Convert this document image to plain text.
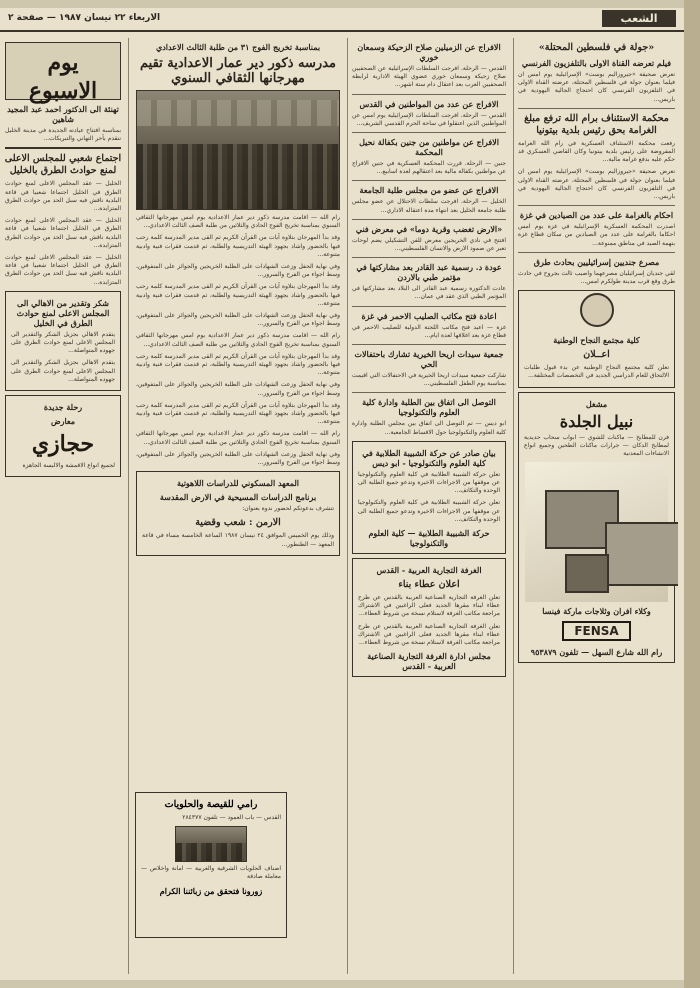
الاربعاء ٢٢ نيسان ١٩٨٧ — صفحة ٢	الشعب
«جولة في فلسطين المحتلة»
فيلم تعرضه القناة الاولى بالتلفزيون الفرنسي
تعرض صحيفة «جيروزاليم بوست» الإسرائيلية يوم امس ان فيلما بعنوان جولة في فلسطين المحتلة، عرضته القناة الاولى في التلفزيون الفرنسي كان احتجاج الجالية اليهودية في باريس...
محكمة الاستئناف برام الله ترفع مبلغ الغرامة بحق رئيس بلدية بيتونيا
رفعت محكمة الاستئناف العسكرية في رام الله الغرامة المفروضة على رئيس بلدية بيتونيا وكان القاضي العسكري قد حكم عليه بدفع غرامة مالية...
تعرض صحيفة «جيروزاليم بوست» الإسرائيلية يوم امس ان فيلما بعنوان جولة في فلسطين المحتلة، عرضته القناة الاولى في التلفزيون الفرنسي كان احتجاج الجالية اليهودية في باريس...
احكام بالغرامة على عدد من الصيادين في غزة
اصدرت المحكمة العسكرية الإسرائيلية في غزة يوم امس احكاما بالغرامة على عدد من الصيادين من سكان قطاع غزة بتهمة الصيد في مناطق ممنوعة...
مصرع جنديين إسرائيليين بحادث طرق
لقي جنديان إسرائيليان مصرعهما واصيب ثالث بجروح في حادث طرق وقع قرب مدينة طولكرم امس...
كلية مجتمع النجاح الوطنية
اعــلان
تعلن كلية مجتمع النجاح الوطنية عن بدء قبول طلبات الالتحاق للعام الدراسي الجديد في التخصصات المختلفة...
مشغل
نبيل الجلدة
فرن للمطابخ — ماكنات للشوي — ابواب سحاب حديدية لمطابخ الدكان — جرارات ماكنات الطحين وجميع انواع الانشاءات المعدنية
وكلاء افران وثلاجات ماركة فينسا
FENSA
رام الله شارع السهل — تلفون ٩٥٣٨٧٩
الافراج عن الزميلين صلاح الزحيكة وسمعان خوري
القدس — الرحلة. افرجت السلطات الإسرائيلية عن الصحفيين صلاح زحيكة وسمعان خوري عضوي الهيئة الادارية لرابطة الصحفيين العرب بعد اعتقال دام ستة اشهر...
الافراج عن عدد من المواطنين في القدس
القدس — الرحلة. افرجت السلطات الإسرائيلية يوم امس عن المواطنين الذين اعتقلوا في ساحة الحرم القدسي الشريف...
الافراج عن مواطنين من جنين بكفالة نحيل المحكمة
جنين — الرحلة. قررت المحكمة العسكرية في جنين الافراج عن مواطنين بكفالة مالية بعد اعتقالهم لعدة اسابيع...
الافراج عن عضو من مجلس طلبة الجامعة
الخليل — الرحلة. افرجت سلطات الاحتلال عن عضو مجلس طلبة جامعة الخليل بعد انتهاء مدة اعتقاله الاداري...
«الارض تغضب وقرية دوما» في معرض فني
افتتح في نادي الخريجين معرض للفن التشكيلي يضم لوحات تعبر عن صمود الارض والانسان الفلسطيني...
عودة د. رسمية عبد القادر بعد مشاركتها في مؤتمر طبي بالاردن
عادت الدكتورة رسمية عبد القادر الى البلاد بعد مشاركتها في المؤتمر الطبي الذي عقد في عمان...
اعادة فتح مكاتب الصليب الاحمر في غزة
غزة — اعيد فتح مكاتب اللجنة الدولية للصليب الاحمر في قطاع غزة بعد اغلاقها لعدة ايام...
جمعية سيدات اريحا الخيرية تشارك باحتفالات الحي
شاركت جمعية سيدات اريحا الخيرية في الاحتفالات التي اقيمت بمناسبة يوم الطفل الفلسطيني...
التوصل الى اتفاق بين الطلبة وادارة كلية العلوم والتكنولوجيا
ابو ديس — تم التوصل الى اتفاق بين مجلس الطلبة وادارة كلية العلوم والتكنولوجيا حول الاقساط الجامعية...
بيان صادر عن حركة الشبيبة الطلابية في كلية العلوم والتكنولوجيا - ابو ديس
تعلن حركة الشبيبة الطلابية في كلية العلوم والتكنولوجيا عن موقفها من الاجراءات الاخيرة وتدعو جميع الطلبة الى الوحدة والتكاتف...
تعلن حركة الشبيبة الطلابية في كلية العلوم والتكنولوجيا عن موقفها من الاجراءات الاخيرة وتدعو جميع الطلبة الى الوحدة والتكاتف...
حركة الشبيبة الطلابية — كلية العلوم والتكنولوجيا
الغرفة التجارية العربية - القدس
اعلان عطاء بناء
تعلن الغرفة التجارية الصناعية العربية بالقدس عن طرح عطاء لبناء مقرها الجديد فعلى الراغبين في الاشتراك مراجعة مكاتب الغرفة لاستلام نسخة من شروط العطاء...
تعلن الغرفة التجارية الصناعية العربية بالقدس عن طرح عطاء لبناء مقرها الجديد فعلى الراغبين في الاشتراك مراجعة مكاتب الغرفة لاستلام نسخة من شروط العطاء...
مجلس ادارة الغرفة التجارية الصناعية العربية - القدس
بمناسبة تخريج الفوج ٣١ من طلبة الثالث الاعدادي
مدرسه ذكور دير عمار الاعدادية تقيم مهرجانها الثقافي السنوي
رام الله — اقامت مدرسة ذكور دير عمار الاعدادية يوم امس مهرجانها الثقافي السنوي بمناسبة تخريج الفوج الحادي والثلاثين من طلبة الصف الثالث الاعدادي...
وقد بدأ المهرجان بتلاوة آيات من القرآن الكريم ثم القى مدير المدرسة كلمة رحب فيها بالحضور واشاد بجهود الهيئة التدريسية والطلبة، ثم قدمت فقرات فنية وادبية متنوعة...
وفي نهاية الحفل وزعت الشهادات على الطلبة الخريجين والجوائز على المتفوقين، وسط اجواء من الفرح والسرور...
وقد بدأ المهرجان بتلاوة آيات من القرآن الكريم ثم القى مدير المدرسة كلمة رحب فيها بالحضور واشاد بجهود الهيئة التدريسية والطلبة، ثم قدمت فقرات فنية وادبية متنوعة...
وفي نهاية الحفل وزعت الشهادات على الطلبة الخريجين والجوائز على المتفوقين، وسط اجواء من الفرح والسرور...
رام الله — اقامت مدرسة ذكور دير عمار الاعدادية يوم امس مهرجانها الثقافي السنوي بمناسبة تخريج الفوج الحادي والثلاثين من طلبة الصف الثالث الاعدادي...
وقد بدأ المهرجان بتلاوة آيات من القرآن الكريم ثم القى مدير المدرسة كلمة رحب فيها بالحضور واشاد بجهود الهيئة التدريسية والطلبة، ثم قدمت فقرات فنية وادبية متنوعة...
وفي نهاية الحفل وزعت الشهادات على الطلبة الخريجين والجوائز على المتفوقين، وسط اجواء من الفرح والسرور...
وقد بدأ المهرجان بتلاوة آيات من القرآن الكريم ثم القى مدير المدرسة كلمة رحب فيها بالحضور واشاد بجهود الهيئة التدريسية والطلبة، ثم قدمت فقرات فنية وادبية متنوعة...
رام الله — اقامت مدرسة ذكور دير عمار الاعدادية يوم امس مهرجانها الثقافي السنوي بمناسبة تخريج الفوج الحادي والثلاثين من طلبة الصف الثالث الاعدادي...
وفي نهاية الحفل وزعت الشهادات على الطلبة الخريجين والجوائز على المتفوقين، وسط اجواء من الفرح والسرور...
المعهد المسكوني للدراسات اللاهوتية
برنامج الدراسات المسيحية في الارض المقدسة
تتشرف بدعوتكم لحضور ندوة بعنوان:
الارمن : شعب وقضية
وذلك يوم الخميس الموافق ٢٤ نيسان ١٩٨٧ الساعة الخامسة مساء في قاعة المعهد — الطنطور...
يوم الاسبوع
تهنئة الى الدكتور احمد عبد المجيد شاهين
بمناسبة افتتاح عيادته الجديدة في مدينة الخليل نتقدم بأحر التهاني والتبريكات...
اجتماع شعبي للمجلس الاعلى لمنع حوادث الطرق بالخليل
الخليل — عقد المجلس الاعلى لمنع حوادث الطرق في الخليل اجتماعا شعبيا في قاعة البلدية ناقش فيه سبل الحد من حوادث الطرق المتزايدة...
الخليل — عقد المجلس الاعلى لمنع حوادث الطرق في الخليل اجتماعا شعبيا في قاعة البلدية ناقش فيه سبل الحد من حوادث الطرق المتزايدة...
الخليل — عقد المجلس الاعلى لمنع حوادث الطرق في الخليل اجتماعا شعبيا في قاعة البلدية ناقش فيه سبل الحد من حوادث الطرق المتزايدة...
شكر وتقدير من الاهالي الى المجلس الاعلى لمنع حوادث الطرق في الخليل
يتقدم الاهالي بجزيل الشكر والتقدير الى المجلس الاعلى لمنع حوادث الطرق على جهوده المتواصلة...
يتقدم الاهالي بجزيل الشكر والتقدير الى المجلس الاعلى لمنع حوادث الطرق على جهوده المتواصلة...
رحلة جديدة
معارض
حجازي
لجميع انواع الاقمشة والالبسة الجاهزة
رامي للقيصة والحلويات
القدس — باب العمود — تلفون ٢٨٤٣٧٧
اصناف الحلويات الشرقية والغربية — امانة واخلاص — معاملة صادقة
زورونا فتحقق من زبائننا الكرام
